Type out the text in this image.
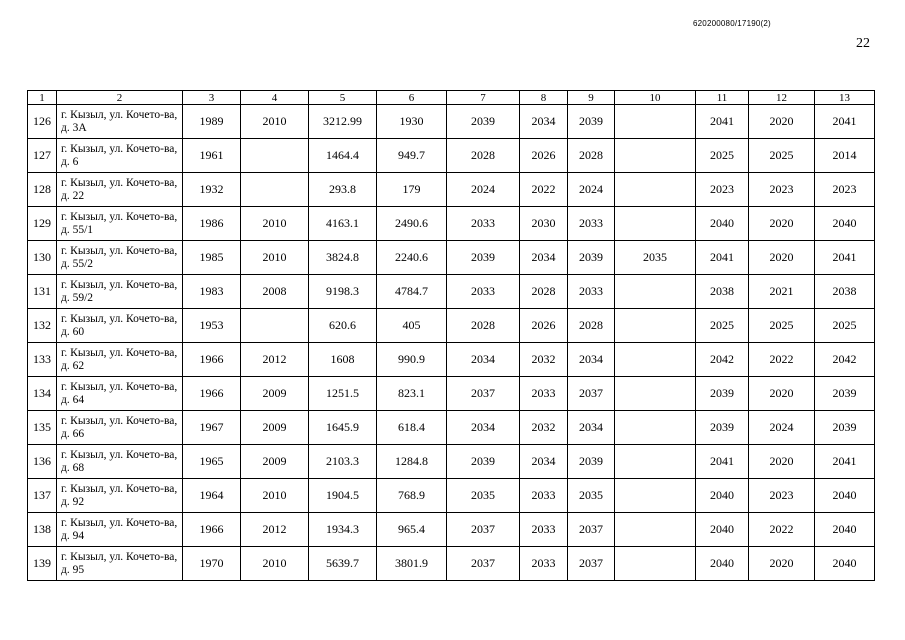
620200080/17190(2)
22
1	2	3	4	5	6	7	8	9	10	11	12	13
126	г. Кызыл, ул. Кочето-ва, д. 3А	1989	2010	3212.99	1930	2039	2034	2039		2041	2020	2041
127	г. Кызыл, ул. Кочето-ва, д. 6	1961		1464.4	949.7	2028	2026	2028		2025	2025	2014
128	г. Кызыл, ул. Кочето-ва, д. 22	1932		293.8	179	2024	2022	2024		2023	2023	2023
129	г. Кызыл, ул. Кочето-ва, д. 55/1	1986	2010	4163.1	2490.6	2033	2030	2033		2040	2020	2040
130	г. Кызыл, ул. Кочето-ва, д. 55/2	1985	2010	3824.8	2240.6	2039	2034	2039	2035	2041	2020	2041
131	г. Кызыл, ул. Кочето-ва, д. 59/2	1983	2008	9198.3	4784.7	2033	2028	2033		2038	2021	2038
132	г. Кызыл, ул. Кочето-ва, д. 60	1953		620.6	405	2028	2026	2028		2025	2025	2025
133	г. Кызыл, ул. Кочето-ва, д. 62	1966	2012	1608	990.9	2034	2032	2034		2042	2022	2042
134	г. Кызыл, ул. Кочето-ва, д. 64	1966	2009	1251.5	823.1	2037	2033	2037		2039	2020	2039
135	г. Кызыл, ул. Кочето-ва, д. 66	1967	2009	1645.9	618.4	2034	2032	2034		2039	2024	2039
136	г. Кызыл, ул. Кочето-ва, д. 68	1965	2009	2103.3	1284.8	2039	2034	2039		2041	2020	2041
137	г. Кызыл, ул. Кочето-ва, д. 92	1964	2010	1904.5	768.9	2035	2033	2035		2040	2023	2040
138	г. Кызыл, ул. Кочето-ва, д. 94	1966	2012	1934.3	965.4	2037	2033	2037		2040	2022	2040
139	г. Кызыл, ул. Кочето-ва, д. 95	1970	2010	5639.7	3801.9	2037	2033	2037		2040	2020	2040
